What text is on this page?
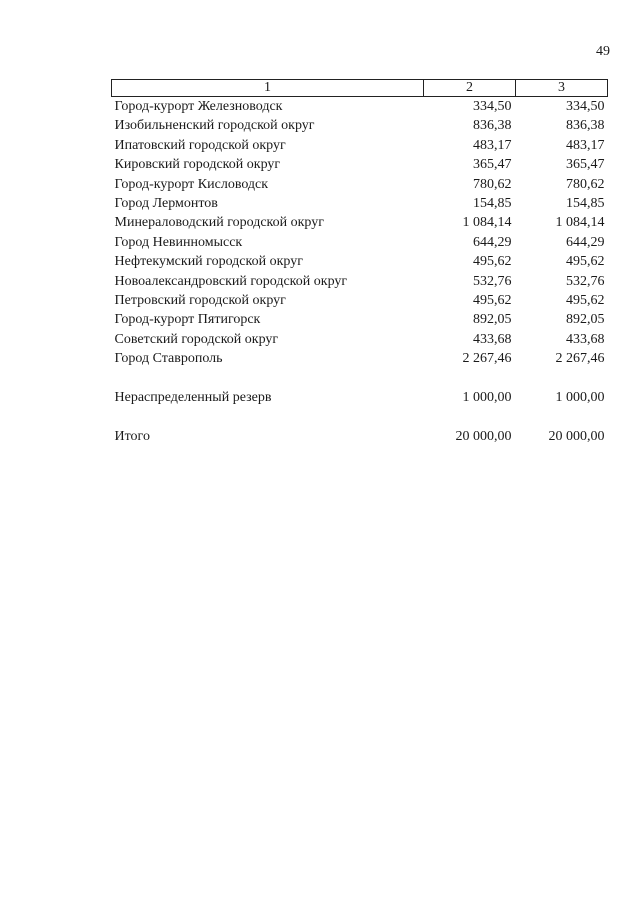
49
1	2	3
Город-курорт Железноводск	334,50	334,50
Изобильненский городской округ	836,38	836,38
Ипатовский городской округ	483,17	483,17
Кировский городской округ	365,47	365,47
Город-курорт Кисловодск	780,62	780,62
Город Лермонтов	154,85	154,85
Минераловодский городской округ	1 084,14	1 084,14
Город Невинномысск	644,29	644,29
Нефтекумский городской округ	495,62	495,62
Новоалександровский городской округ	532,76	532,76
Петровский городской округ	495,62	495,62
Город-курорт Пятигорск	892,05	892,05
Советский городской округ	433,68	433,68
Город Ставрополь	2 267,46	2 267,46

Нераспределенный резерв	1 000,00	1 000,00

Итого	20 000,00	20 000,00
